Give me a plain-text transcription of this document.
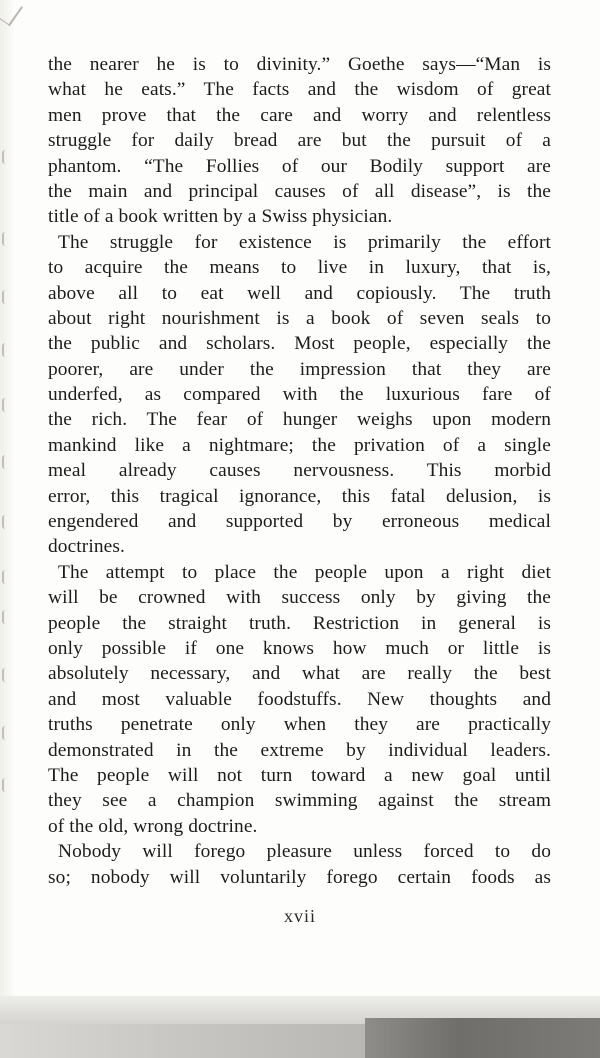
the nearer he is to divinity.” Goethe says—“Man is
what he eats.” The facts and the wisdom of great
men prove that the care and worry and relentless
struggle for daily bread are but the pursuit of a
phantom. “The Follies of our Bodily support are
the main and principal causes of all disease”, is the
title of a book written by a Swiss physician.
The struggle for existence is primarily the effort
to acquire the means to live in luxury, that is,
above all to eat well and copiously. The truth
about right nourishment is a book of seven seals to
the public and scholars. Most people, especially the
poorer, are under the impression that they are
underfed, as compared with the luxurious fare of
the rich. The fear of hunger weighs upon modern
mankind like a nightmare; the privation of a single
meal already causes nervousness. This morbid
error, this tragical ignorance, this fatal delusion, is
engendered and supported by erroneous medical
doctrines.
The attempt to place the people upon a right diet
will be crowned with success only by giving the
people the straight truth. Restriction in general is
only possible if one knows how much or little is
absolutely necessary, and what are really the best
and most valuable foodstuffs. New thoughts and
truths penetrate only when they are practically
demonstrated in the extreme by individual leaders.
The people will not turn toward a new goal until
they see a champion swimming against the stream
of the old, wrong doctrine.
Nobody will forego pleasure unless forced to do
so; nobody will voluntarily forego certain foods as
xvii
